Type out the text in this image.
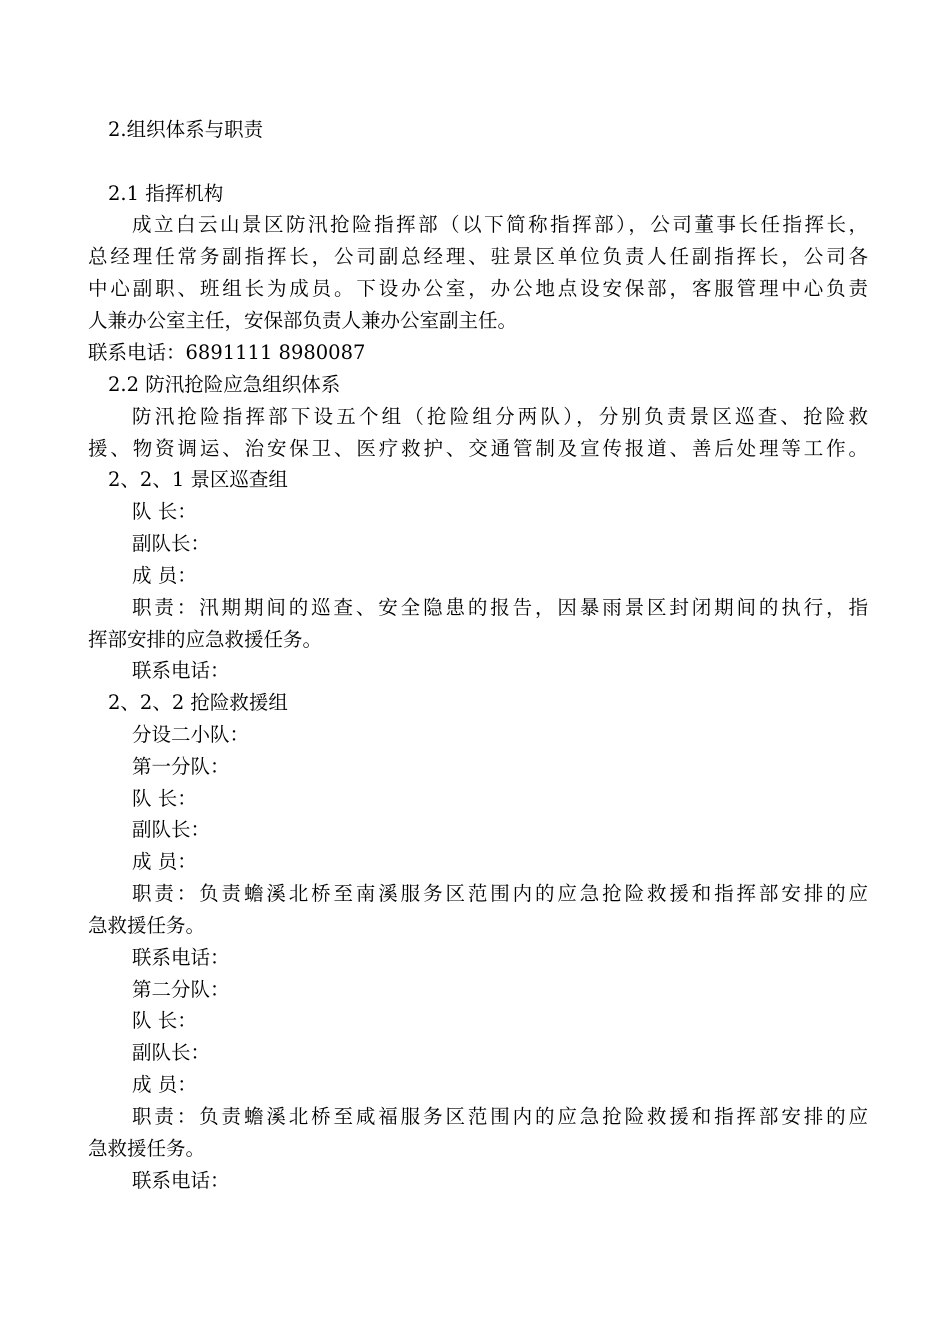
2.组织体系与职责
2.1 指挥机构
成立白云山景区防汛抢险指挥部（以下简称指挥部），公司董事长任指挥长，
总经理任常务副指挥长，公司副总经理、驻景区单位负责人任副指挥长，公司各
中心副职、班组长为成员。下设办公室，办公地点设安保部，客服管理中心负责
人兼办公室主任，安保部负责人兼办公室副主任。
联系电话：6891111 8980087
2.2 防汛抢险应急组织体系
防汛抢险指挥部下设五个组（抢险组分两队），分别负责景区巡查、抢险救
援、物资调运、治安保卫、医疗救护、交通管制及宣传报道、善后处理等工作。
2、2、1 景区巡查组
队 长：
副队长：
成 员：
职责：汛期期间的巡查、安全隐患的报告，因暴雨景区封闭期间的执行，指
挥部安排的应急救援任务。
联系电话：
2、2、2 抢险救援组
分设二小队：
第一分队：
队 长：
副队长：
成 员：
职责：负责蟾溪北桥至南溪服务区范围内的应急抢险救援和指挥部安排的应
急救援任务。
联系电话：
第二分队：
队 长：
副队长：
成 员：
职责：负责蟾溪北桥至咸福服务区范围内的应急抢险救援和指挥部安排的应
急救援任务。
联系电话：
